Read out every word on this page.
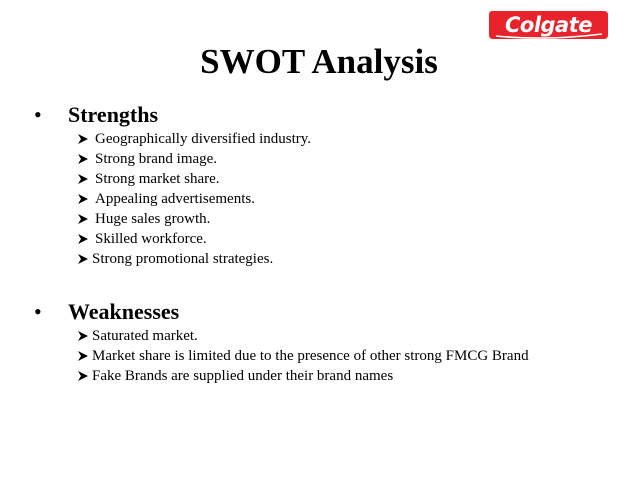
Colgate
SWOT Analysis
•	Strengths
Geographically diversified industry.
Strong brand image.
Strong market share.
Appealing advertisements.
Huge sales growth.
Skilled workforce.
Strong promotional strategies.
•	Weaknesses
Saturated market.
Market share is limited due to the presence of other strong FMCG Brand
Fake Brands are supplied under their brand names
